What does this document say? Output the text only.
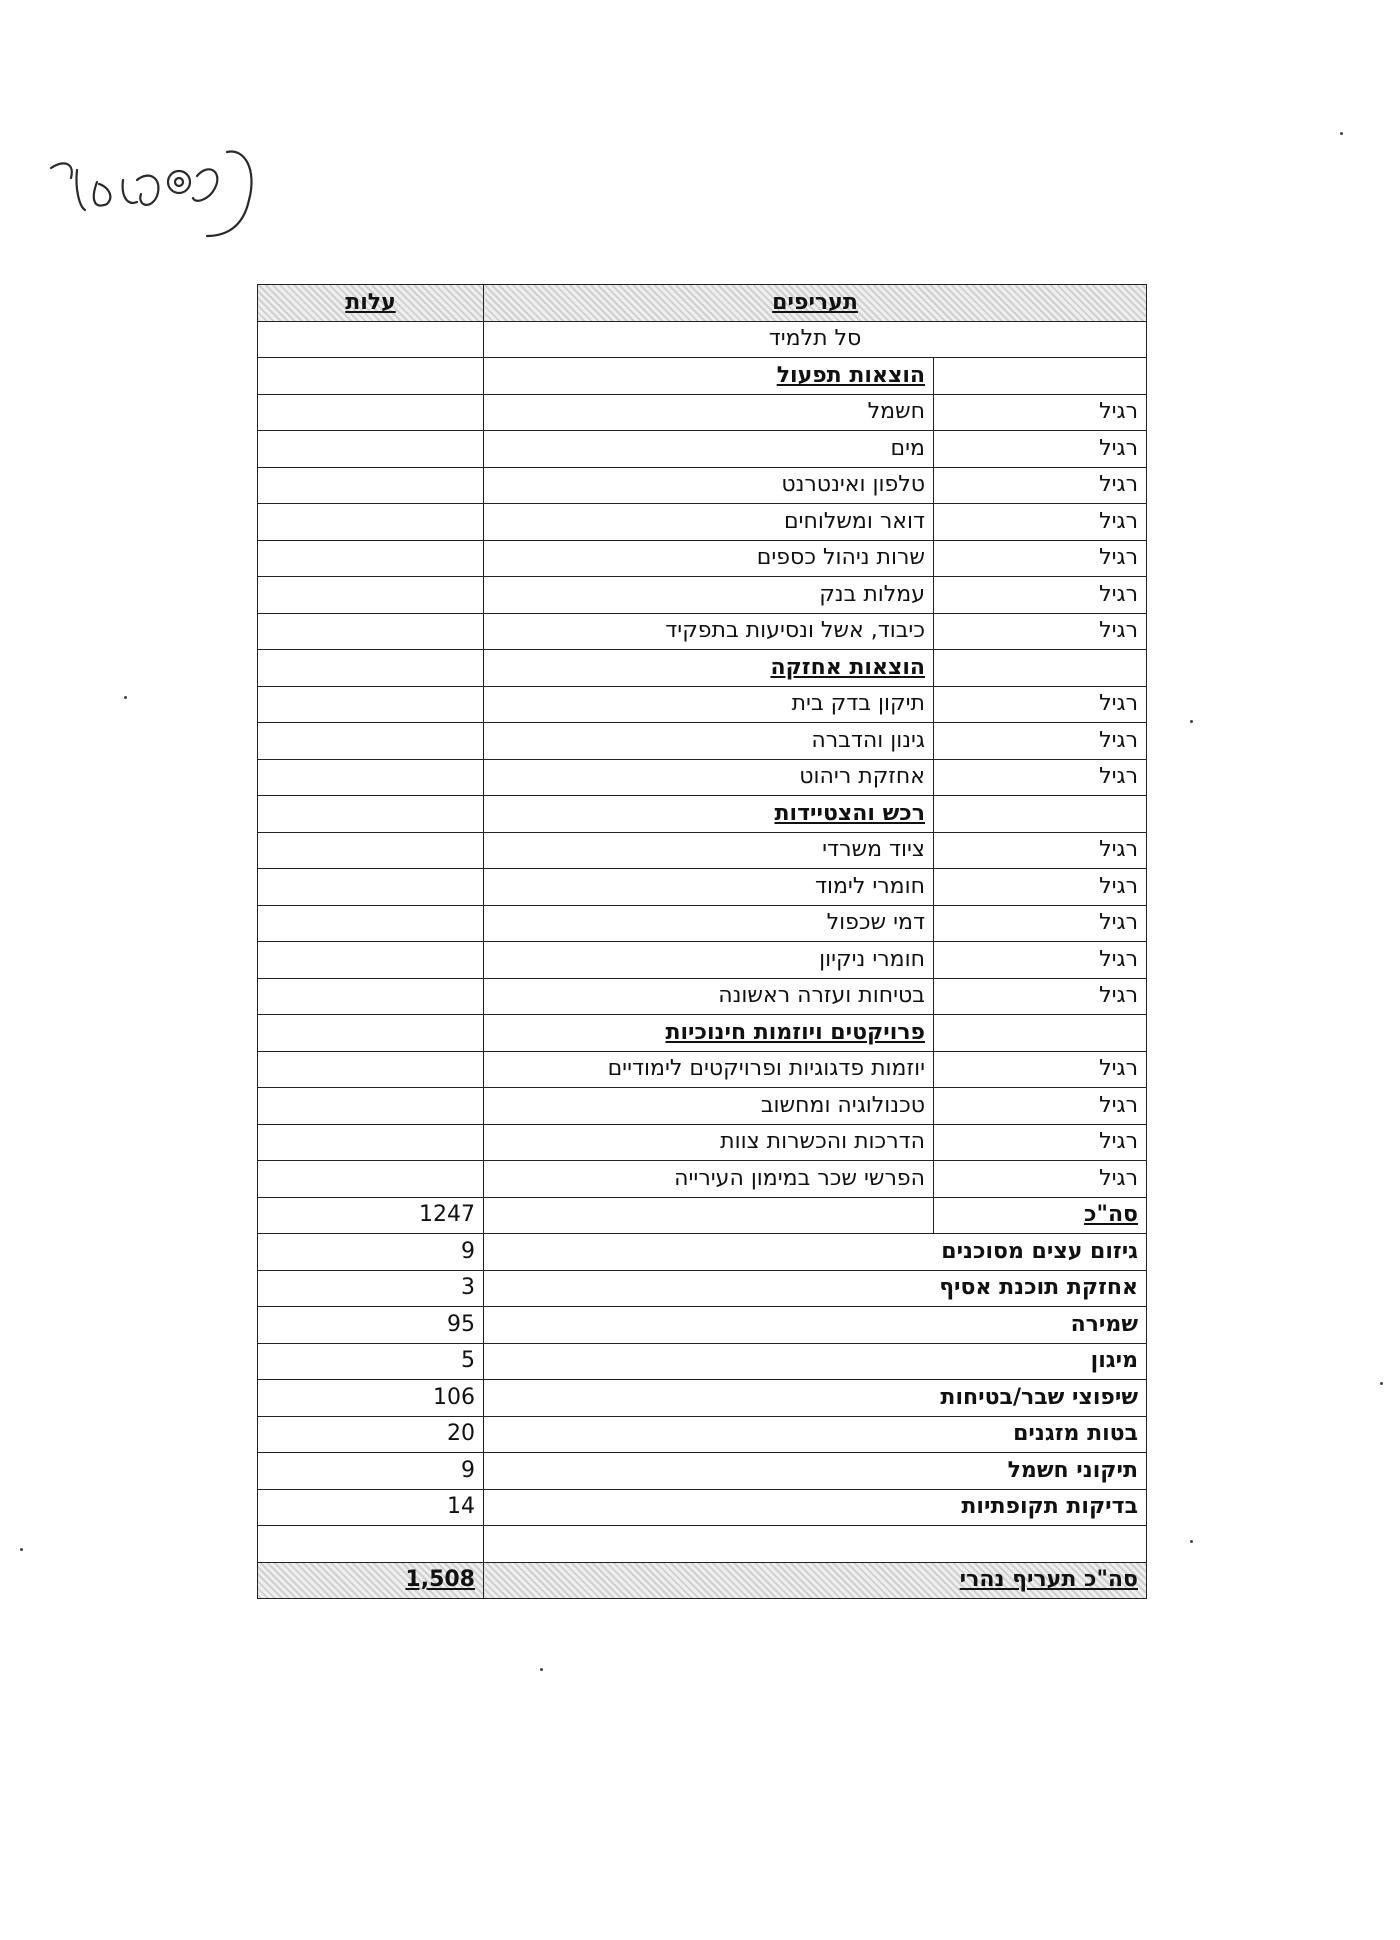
עלות	תעריפים	
	סל תלמיד	
	הוצאות תפעול	
	חשמל	רגיל
	מים	רגיל
	טלפון ואינטרנט	רגיל
	דואר ומשלוחים	רגיל
	שרות ניהול כספים	רגיל
	עמלות בנק	רגיל
	כיבוד, אשל ונסיעות בתפקיד	רגיל
	הוצאות אחזקה	
	תיקון בדק בית	רגיל
	גינון והדברה	רגיל
	אחזקת ריהוט	רגיל
	רכש והצטיידות	
	ציוד משרדי	רגיל
	חומרי לימוד	רגיל
	דמי שכפול	רגיל
	חומרי ניקיון	רגיל
	בטיחות ועזרה ראשונה	רגיל
	פרויקטים ויוזמות חינוכיות	
	יוזמות פדגוגיות ופרויקטים לימודיים	רגיל
	טכנולוגיה ומחשוב	רגיל
	הדרכות והכשרות צוות	רגיל
	הפרשי שכר במימון העירייה	רגיל
1247		סה"כ
9	גיזום עצים מסוכנים	
3	אחזקת תוכנת אסיף	
95	שמירה	
5	מיגון	
106	שיפוצי שבר/בטיחות	
20	בטות מזגנים	
9	תיקוני חשמל	
14	בדיקות תקופתיות	

1,508	סה"כ תעריף נהרי	
